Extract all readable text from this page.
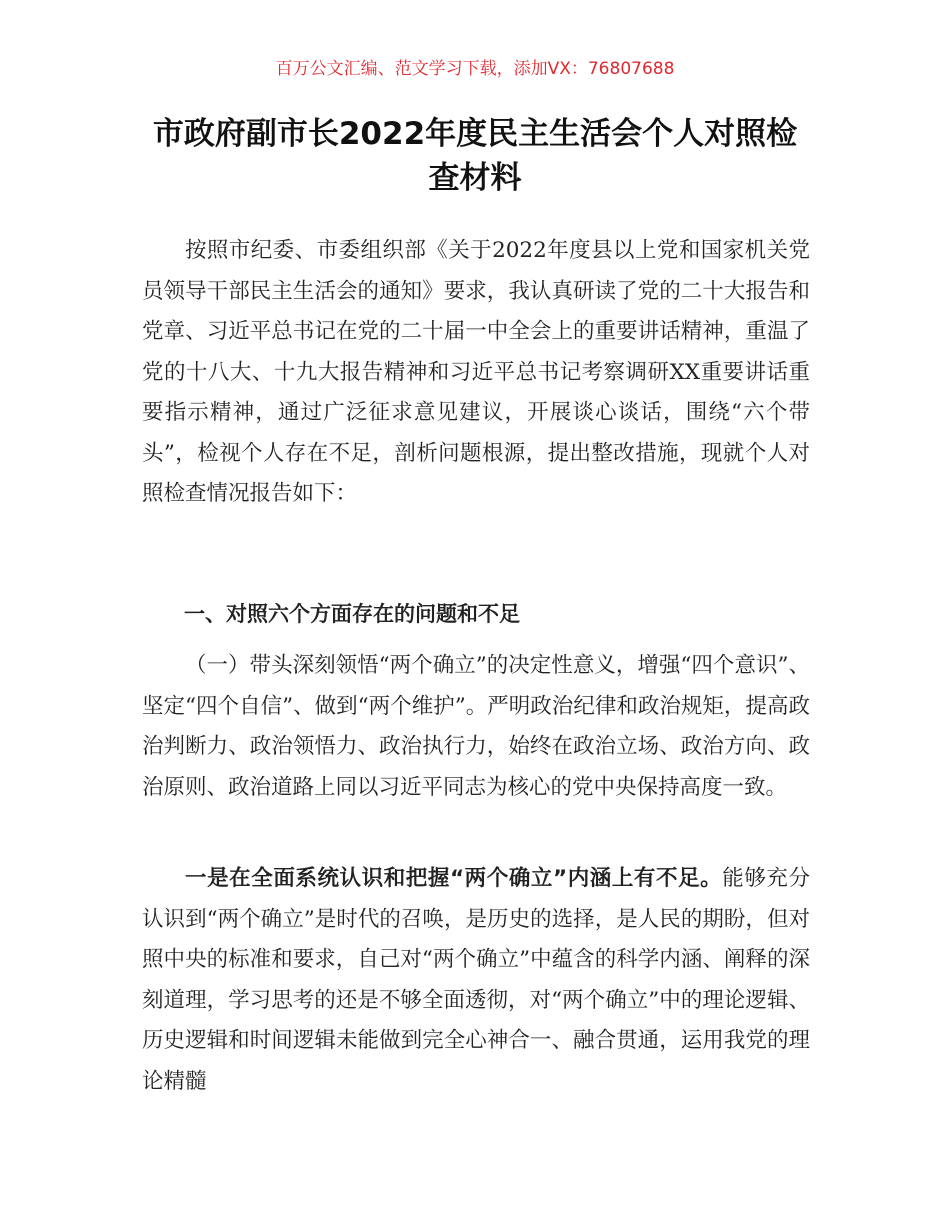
百万公文汇编、范文学习下载，添加VX：76807688
市政府副市长2022年度民主生活会个人对照检查材料
按照市纪委、市委组织部《关于2022年度县以上党和国家机关党员领导干部民主生活会的通知》要求，我认真研读了党的二十大报告和党章、习近平总书记在党的二十届一中全会上的重要讲话精神，重温了党的十八大、十九大报告精神和习近平总书记考察调研XX重要讲话重要指示精神，通过广泛征求意见建议，开展谈心谈话，围绕“六个带头”，检视个人存在不足，剖析问题根源，提出整改措施，现就个人对照检查情况报告如下：
一、对照六个方面存在的问题和不足
（一）带头深刻领悟“两个确立”的决定性意义，增强“四个意识”、坚定“四个自信”、做到“两个维护”。严明政治纪律和政治规矩，提高政治判断力、政治领悟力、政治执行力，始终在政治立场、政治方向、政治原则、政治道路上同以习近平同志为核心的党中央保持高度一致。
一是在全面系统认识和把握“两个确立”内涵上有不足。能够充分认识到“两个确立”是时代的召唤，是历史的选择，是人民的期盼，但对照中央的标准和要求，自己对“两个确立”中蕴含的科学内涵、阐释的深刻道理，学习思考的还是不够全面透彻，对“两个确立”中的理论逻辑、历史逻辑和时间逻辑未能做到完全心神合一、融合贯通，运用我党的理论精髓
